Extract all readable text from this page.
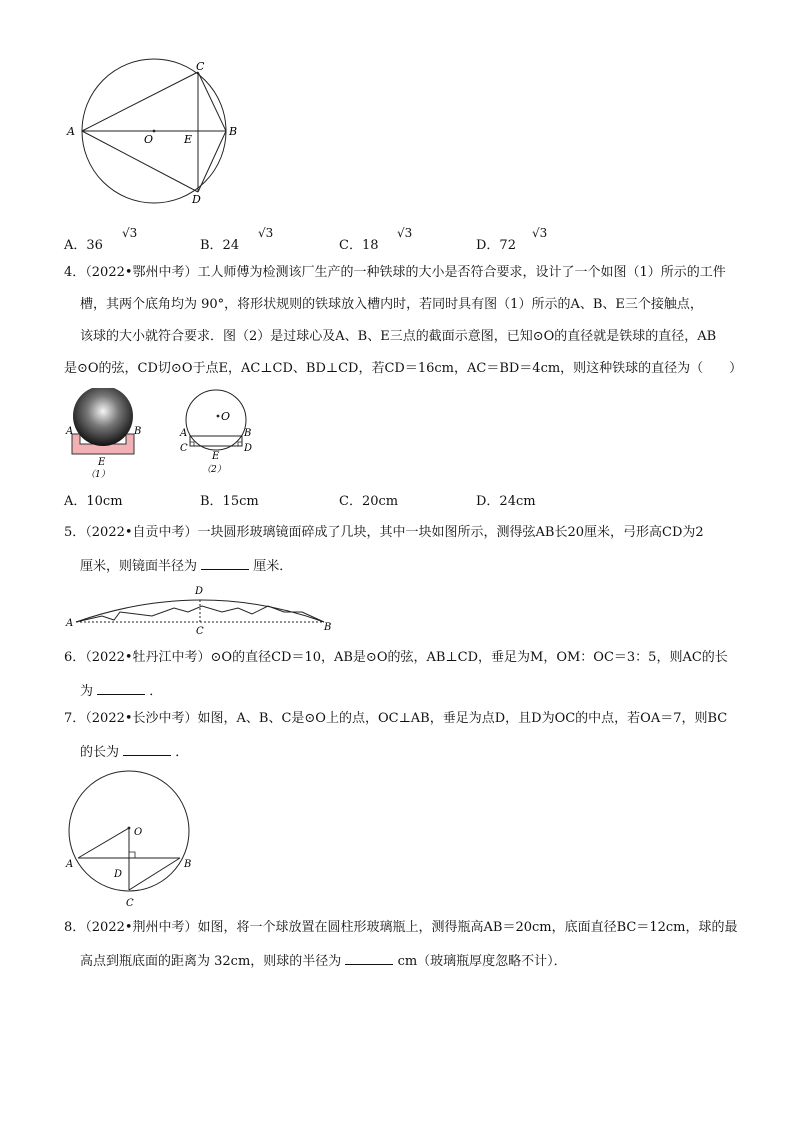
A	B
C
D
O	E
A．36
√3
B．24
√3
C．18
√3
D．72
√3
4．（2022•鄂州中考）工人师傅为检测该厂生产的一种铁球的大小是否符合要求，设计了一个如图（1）所示的工件
槽，其两个底角均为 90°，将形状规则的铁球放入槽内时，若同时具有图（1）所示的A、B、E三个接触点，
该球的大小就符合要求．图（2）是过球心及A、B、E三点的截面示意图，已知⊙O的直径就是铁球的直径，AB
是⊙O的弦，CD切⊙O于点E，AC⊥CD、BD⊥CD，若CD＝16cm，AC＝BD＝4cm，则这种铁球的直径为（　　）
A	B
E
（1）
O
A	B
C	D
E
（2）
A．10cm	B．15cm	C．20cm	D．24cm
5．（2022•自贡中考）一块圆形玻璃镜面碎成了几块，其中一块如图所示，测得弦AB长20厘米，弓形高CD为2
厘米，则镜面半径为	厘米．
A	B
D
C
6．（2022•牡丹江中考）⊙O的直径CD＝10，AB是⊙O的弦，AB⊥CD，垂足为M，OM：OC＝3：5，则AC的长
为	．
7．（2022•长沙中考）如图，A、B、C是⊙O上的点，OC⊥AB，垂足为点D，且D为OC的中点，若OA＝7，则BC
的长为	．
O
A	B
D
C
8．（2022•荆州中考）如图，将一个球放置在圆柱形玻璃瓶上，测得瓶高AB＝20cm，底面直径BC＝12cm，球的最
高点到瓶底面的距离为 32cm，则球的半径为	cm（玻璃瓶厚度忽略不计）．
